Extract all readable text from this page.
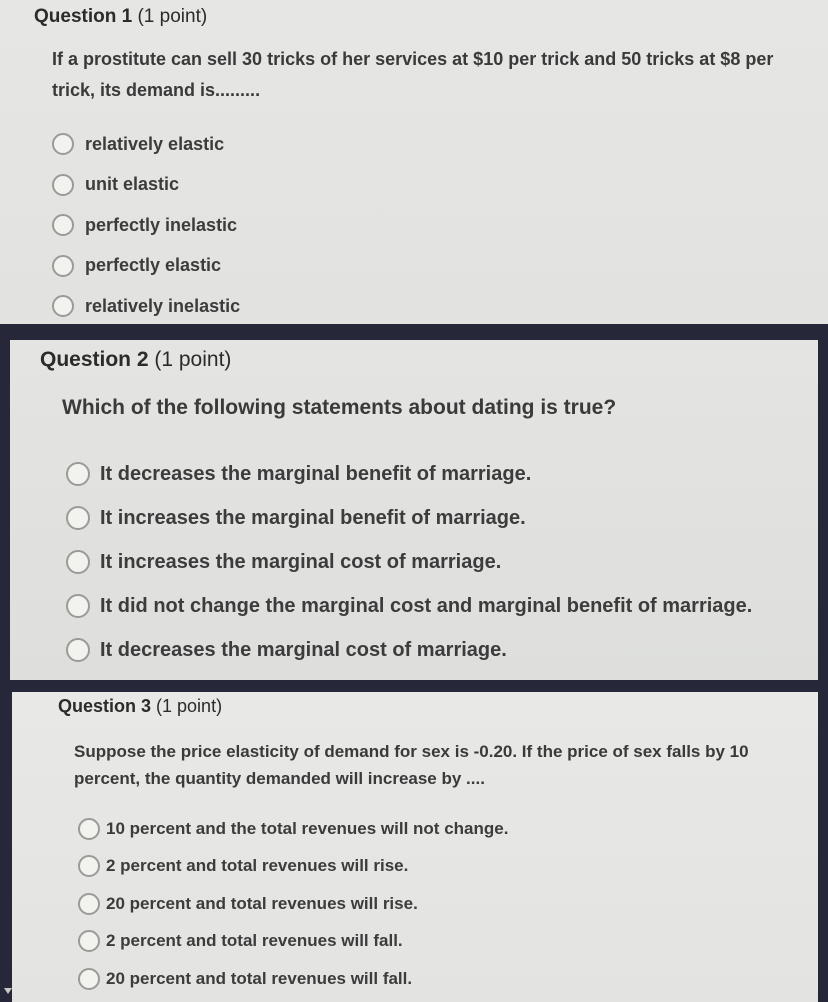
Question 1 (1 point)
If a prostitute can sell 30 tricks of her services at $10 per trick and 50 tricks at $8 per trick, its demand is.........
relatively elastic
unit elastic
perfectly inelastic
perfectly elastic
relatively inelastic
Question 2 (1 point)
Which of the following statements about dating is true?
It decreases the marginal benefit of marriage.
It increases the marginal benefit of marriage.
It increases the marginal cost of marriage.
It did not change the marginal cost and marginal benefit of marriage.
It decreases the marginal cost of marriage.
Question 3 (1 point)
Suppose the price elasticity of demand for sex is -0.20. If the price of sex falls by 10 percent, the quantity demanded will increase by ....
10 percent and the total revenues will not change.
2 percent and total revenues will rise.
20 percent and total revenues will rise.
2 percent and total revenues will fall.
20 percent and total revenues will fall.
